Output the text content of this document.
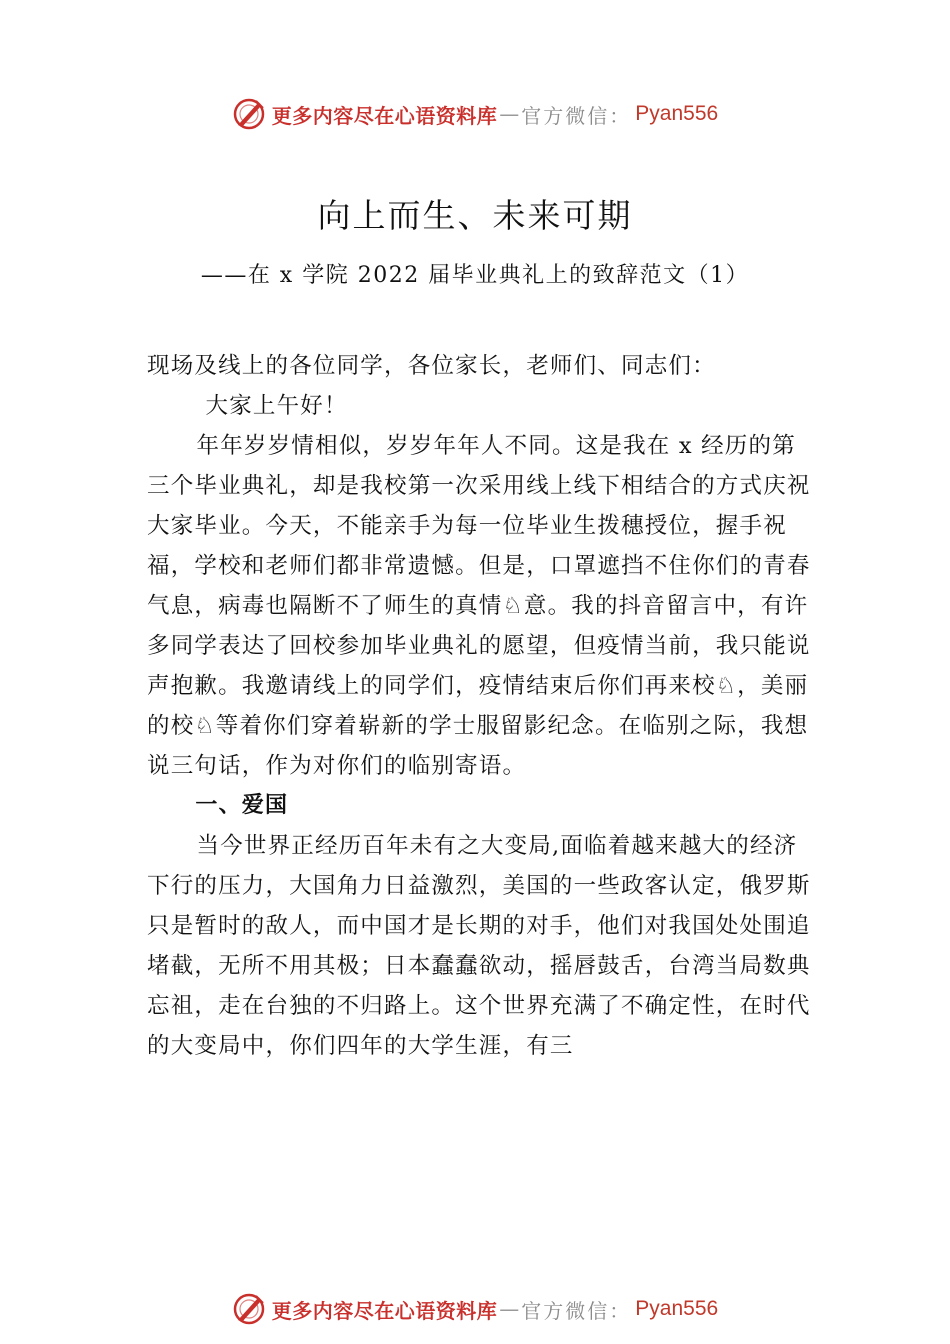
更多内容尽在心语资料库 — 官方微信： Pyan556
向上而生、未来可期
——在 x 学院 2022 届毕业典礼上的致辞范文（1）

现场及线上的各位同学，各位家长，老师们、同志们：

大家上午好！

年年岁岁情相似，岁岁年年人不同。这是我在 x 经历的第三个毕业典礼，却是我校第一次采用线上线下相结合的方式庆祝大家毕业。今天，不能亲手为每一位毕业生拨穗授位，握手祝福，学校和老师们都非常遗憾。但是，口罩遮挡不住你们的青春气息，病毒也隔断不了师生的真情♘意。我的抖音留言中，有许多同学表达了回校参加毕业典礼的愿望，但疫情当前，我只能说声抱歉。我邀请线上的同学们，疫情结束后你们再来校♘，美丽的校♘等着你们穿着崭新的学士服留影纪念。在临别之际，我想说三句话，作为对你们的临别寄语。

一、爱国

当今世界正经历百年未有之大变局,面临着越来越大的经济下行的压力，大国角力日益激烈，美国的一些政客认定，俄罗斯只是暂时的敌人，而中国才是长期的对手，他们对我国处处围追堵截，无所不用其极；日本蠢蠢欲动，摇唇鼓舌，台湾当局数典忘祖，走在台独的不归路上。这个世界充满了不确定性，在时代的大变局中，你们四年的大学生涯，有三

更多内容尽在心语资料库 — 官方微信： Pyan556
